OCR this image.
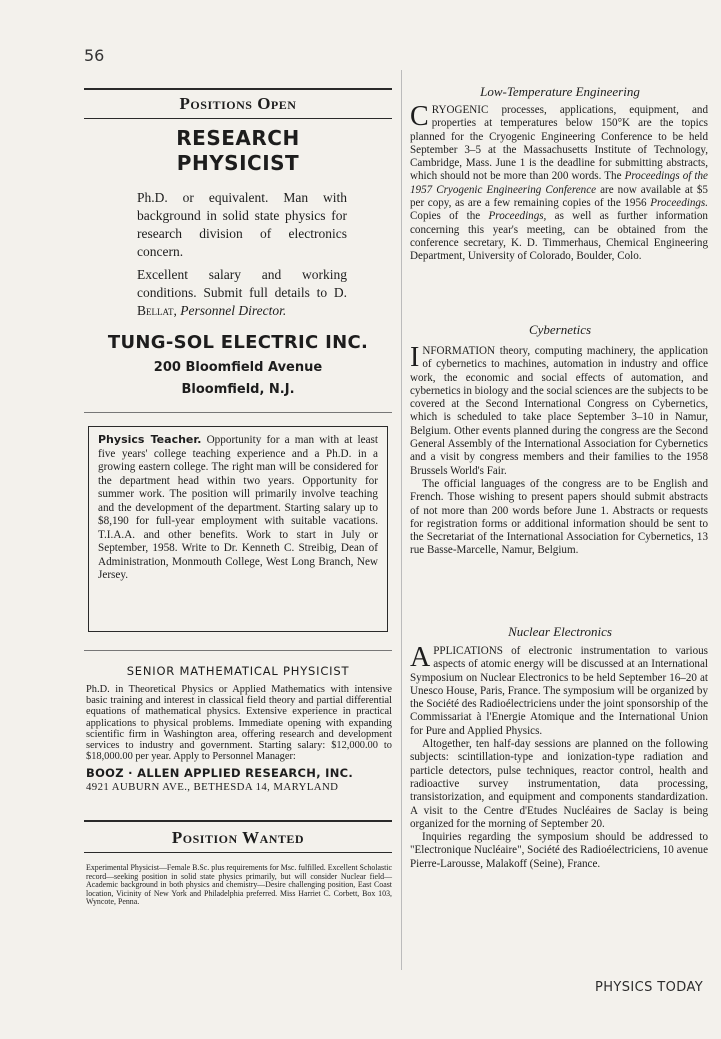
56
Positions Open
RESEARCH
PHYSICIST
Ph.D. or equivalent. Man with background in solid state physics for research division of electronics concern.
Excellent salary and working conditions. Submit full details to D. Bellat, Personnel Director.
TUNG-SOL ELECTRIC INC.
200 Bloomfield Avenue
Bloomfield, N.J.
Physics Teacher. Opportunity for a man with at least five years' college teaching experience and a Ph.D. in a growing eastern college. The right man will be considered for the department head within two years. Opportunity for summer work. The position will primarily involve teaching and the development of the department. Starting salary up to $8,190 for full-year employment with suitable vacations. T.I.A.A. and other benefits. Work to start in July or September, 1958. Write to Dr. Kenneth C. Streibig, Dean of Administration, Monmouth College, West Long Branch, New Jersey.
SENIOR MATHEMATICAL PHYSICIST
Ph.D. in Theoretical Physics or Applied Mathematics with intensive basic training and interest in classical field theory and partial differential equations of mathematical physics. Extensive experience in practical applications to physical problems. Immediate opening with expanding scientific firm in Washington area, offering research and development services to industry and government. Starting salary: $12,000.00 to $18,000.00 per year. Apply to Personnel Manager:
BOOZ · ALLEN APPLIED RESEARCH, INC.
4921 AUBURN AVE., BETHESDA 14, MARYLAND
Position Wanted
Experimental Physicist—Female B.Sc. plus requirements for Msc. fulfilled. Excellent Scholastic record—seeking position in solid state physics primarily, but will consider Nuclear field—Academic background in both physics and chemistry—Desire challenging position, East Coast location, Vicinity of New York and Philadelphia preferred. Miss Harriet C. Corbett, Box 103, Wyncote, Penna.
Low-Temperature Engineering

CRYOGENIC processes, applications, equipment, and properties at temperatures below 150°K are the topics planned for the Cryogenic Engineering Conference to be held September 3–5 at the Massachusetts Institute of Technology, Cambridge, Mass. June 1 is the deadline for submitting abstracts, which should not be more than 200 words. The Proceedings of the 1957 Cryogenic Engineering Conference are now available at $5 per copy, as are a few remaining copies of the 1956 Proceedings. Copies of the Proceedings, as well as further information concerning this year's meeting, can be obtained from the conference secretary, K. D. Timmerhaus, Chemical Engineering Department, University of Colorado, Boulder, Colo.

Cybernetics

INFORMATION theory, computing machinery, the application of cybernetics to machines, automation in industry and office work, the economic and social effects of automation, and cybernetics in biology and the social sciences are the subjects to be covered at the Second International Congress on Cybernetics, which is scheduled to take place September 3–10 in Namur, Belgium. Other events planned during the congress are the Second General Assembly of the International Association for Cybernetics and a visit by congress members and their families to the 1958 Brussels World's Fair.

The official languages of the congress are to be English and French. Those wishing to present papers should submit abstracts of not more than 200 words before June 1. Abstracts or requests for registration forms or additional information should be sent to the Secretariat of the International Association for Cybernetics, 13 rue Basse-Marcelle, Namur, Belgium.

Nuclear Electronics

APPLICATIONS of electronic instrumentation to various aspects of atomic energy will be discussed at an International Symposium on Nuclear Electronics to be held September 16–20 at Unesco House, Paris, France. The symposium will be organized by the Société des Radioélectriciens under the joint sponsorship of the Commissariat à l'Energie Atomique and the International Union for Pure and Applied Physics.

Altogether, ten half-day sessions are planned on the following subjects: scintillation-type and ionization-type radiation and particle detectors, pulse techniques, reactor control, health and radioactive survey instrumentation, data processing, transistorization, and equipment and components standardization. A visit to the Centre d'Etudes Nucléaires de Saclay is being organized for the morning of September 20.

Inquiries regarding the symposium should be addressed to "Electronique Nucléaire", Société des Radioélectriciens, 10 avenue Pierre-Larousse, Malakoff (Seine), France.

PHYSICS TODAY
